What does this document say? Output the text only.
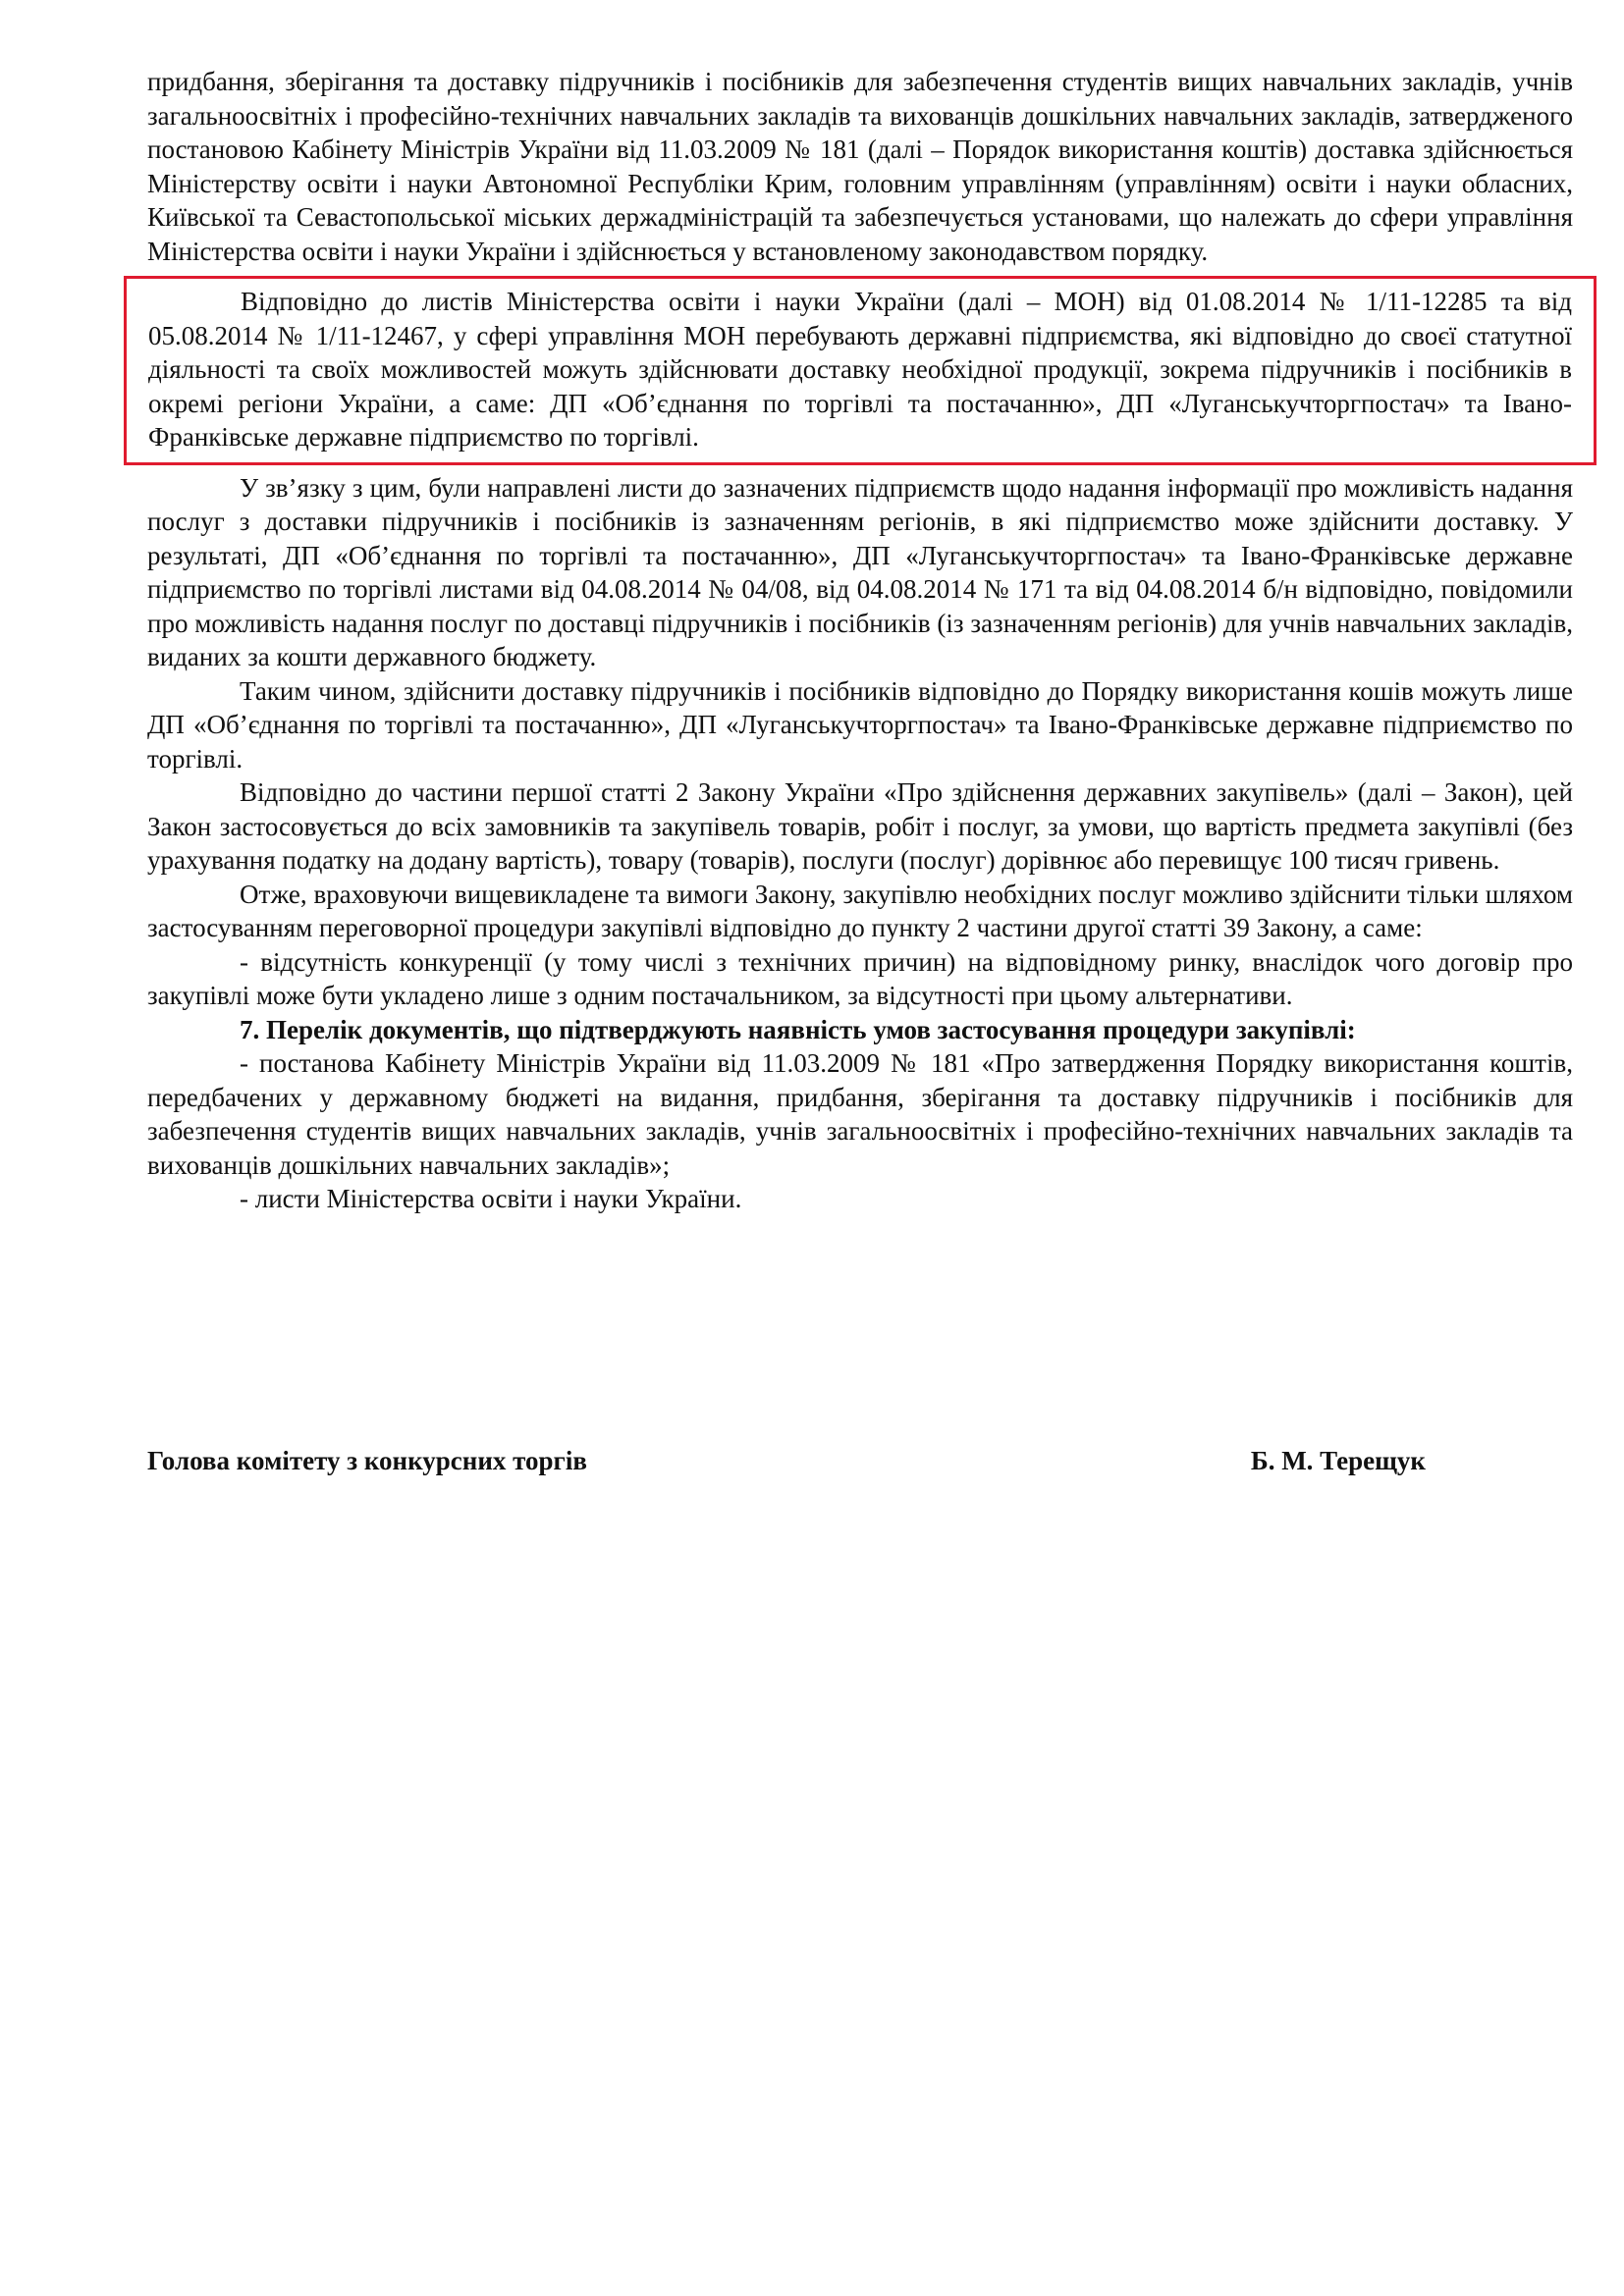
придбання, зберігання та доставку підручників і посібників для забезпечення студентів вищих навчальних закладів, учнів загальноосвітніх і професійно-технічних навчальних закладів та вихованців дошкільних навчальних закладів, затвердженого постановою Кабінету Міністрів України від 11.03.2009 № 181 (далі – Порядок використання коштів) доставка здійснюється Міністерству освіти і науки Автономної Республіки Крим, головним управлінням (управлінням) освіти і науки обласних, Київської та Севастопольської міських держадміністрацій та забезпечується установами, що належать до сфери управління Міністерства освіти і науки України і здійснюється у встановленому законодавством порядку.

Відповідно до листів Міністерства освіти і науки України (далі – МОН) від 01.08.2014 № 1/11-12285 та від 05.08.2014 № 1/11-12467, у сфері управління МОН перебувають державні підприємства, які відповідно до своєї статутної діяльності та своїх можливостей можуть здійснювати доставку необхідної продукції, зокрема підручників і посібників в окремі регіони України, а саме: ДП «Об’єднання по торгівлі та постачанню», ДП «Луганськучторгпостач» та Івано-Франківське державне підприємство по торгівлі.

У зв’язку з цим, були направлені листи до зазначених підприємств щодо надання інформації про можливість надання послуг з доставки підручників і посібників із зазначенням регіонів, в які підприємство може здійснити доставку. У результаті, ДП «Об’єднання по торгівлі та постачанню», ДП «Луганськучторгпостач» та Івано-Франківське державне підприємство по торгівлі листами від 04.08.2014 № 04/08, від 04.08.2014 № 171 та від 04.08.2014 б/н відповідно, повідомили про можливість надання послуг по доставці підручників і посібників (із зазначенням регіонів) для учнів навчальних закладів, виданих за кошти державного бюджету.

Таким чином, здійснити доставку підручників і посібників відповідно до Порядку використання кошів можуть лише ДП «Об’єднання по торгівлі та постачанню», ДП «Луганськучторгпостач» та Івано-Франківське державне підприємство по торгівлі.

Відповідно до частини першої статті 2 Закону України «Про здійснення державних закупівель» (далі – Закон), цей Закон застосовується до всіх замовників та закупівель товарів, робіт і послуг, за умови, що вартість предмета закупівлі (без урахування податку на додану вартість), товару (товарів), послуги (послуг) дорівнює або перевищує 100 тисяч гривень.

Отже, враховуючи вищевикладене та вимоги Закону, закупівлю необхідних послуг можливо здійснити тільки шляхом застосуванням переговорної процедури закупівлі відповідно до пункту 2 частини другої статті 39 Закону, а саме:

- відсутність конкуренції (у тому числі з технічних причин) на відповідному ринку, внаслідок чого договір про закупівлі може бути укладено лише з одним постачальником, за відсутності при цьому альтернативи.

7. Перелік документів, що підтверджують наявність умов застосування процедури закупівлі:

- постанова Кабінету Міністрів України від 11.03.2009 № 181 «Про затвердження Порядку використання коштів, передбачених у державному бюджеті на видання, придбання, зберігання та доставку підручників і посібників для забезпечення студентів вищих навчальних закладів, учнів загальноосвітніх і професійно-технічних навчальних закладів та вихованців дошкільних навчальних закладів»;

- листи Міністерства освіти і науки України.

Голова комітету з конкурсних торгів	Б. М. Терещук
